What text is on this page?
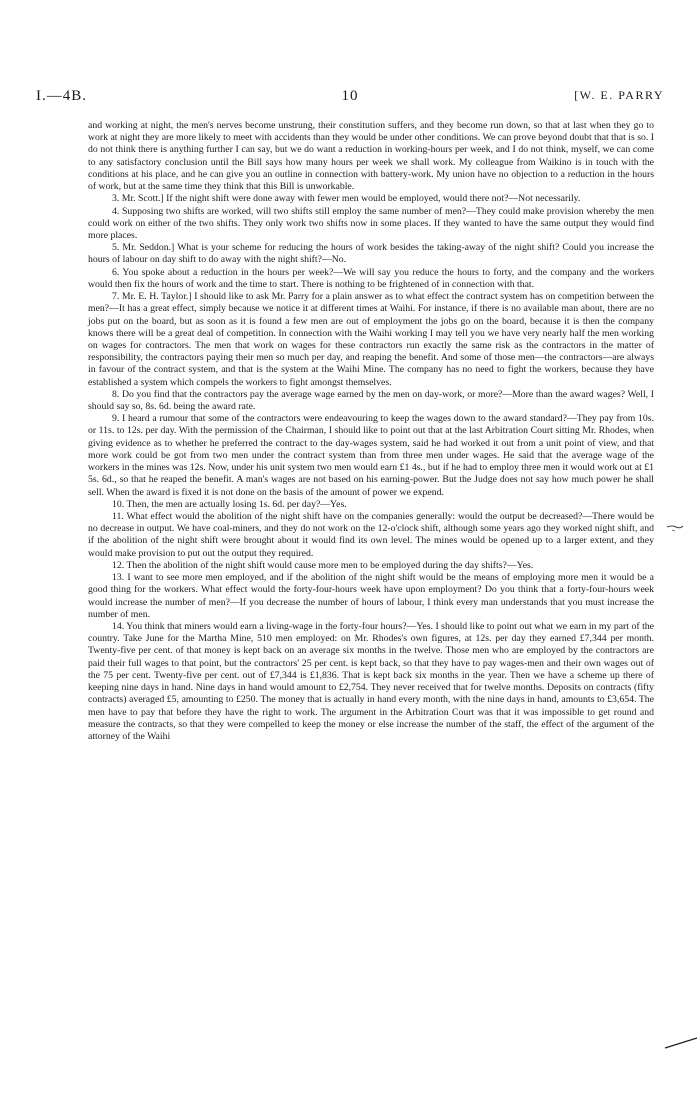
I.—4B.	10	[W. E. PARRY

and working at night, the men's nerves become unstrung, their constitution suffers, and they become run down, so that at last when they go to work at night they are more likely to meet with accidents than they would be under other conditions. We can prove beyond doubt that that is so. I do not think there is anything further I can say, but we do want a reduction in working-hours per week, and I do not think, myself, we can come to any satisfactory conclusion until the Bill says how many hours per week we shall work. My colleague from Waikino is in touch with the conditions at his place, and he can give you an outline in connection with battery-work. My union have no objection to a reduction in the hours of work, but at the same time they think that this Bill is unworkable.

3. Mr. Scott.] If the night shift were done away with fewer men would be employed, would there not?—Not necessarily.

4. Supposing two shifts are worked, will two shifts still employ the same number of men?—They could make provision whereby the men could work on either of the two shifts. They only work two shifts now in some places. If they wanted to have the same output they would find more places.

5. Mr. Seddon.] What is your scheme for reducing the hours of work besides the taking-away of the night shift? Could you increase the hours of labour on day shift to do away with the night shift?—No.

6. You spoke about a reduction in the hours per week?—We will say you reduce the hours to forty, and the company and the workers would then fix the hours of work and the time to start. There is nothing to be frightened of in connection with that.

7. Mr. E. H. Taylor.] I should like to ask Mr. Parry for a plain answer as to what effect the contract system has on competition between the men?—It has a great effect, simply because we notice it at different times at Waihi. For instance, if there is no available man about, there are no jobs put on the board, but as soon as it is found a few men are out of employment the jobs go on the board, because it is then the company knows there will be a great deal of competition. In connection with the Waihi working I may tell you we have very nearly half the men working on wages for contractors. The men that work on wages for these contractors run exactly the same risk as the contractors in the matter of responsibility, the contractors paying their men so much per day, and reaping the benefit. And some of those men—the contractors—are always in favour of the contract system, and that is the system at the Waihi Mine. The company has no need to fight the workers, because they have established a system which compels the workers to fight amongst themselves.

8. Do you find that the contractors pay the average wage earned by the men on day-work, or more?—More than the award wages? Well, I should say so, 8s. 6d. being the award rate.

9. I heard a rumour that some of the contractors were endeavouring to keep the wages down to the award standard?—They pay from 10s. or 11s. to 12s. per day. With the permission of the Chairman, I should like to point out that at the last Arbitration Court sitting Mr. Rhodes, when giving evidence as to whether he preferred the contract to the day-wages system, said he had worked it out from a unit point of view, and that more work could be got from two men under the contract system than from three men under wages. He said that the average wage of the workers in the mines was 12s. Now, under his unit system two men would earn £1 4s., but if he had to employ three men it would work out at £1 5s. 6d., so that he reaped the benefit. A man's wages are not based on his earning-power. But the Judge does not say how much power he shall sell. When the award is fixed it is not done on the basis of the amount of power we expend.

10. Then, the men are actually losing 1s. 6d. per day?—Yes.

11. What effect would the abolition of the night shift have on the companies generally: would the output be decreased?—There would be no decrease in output. We have coal-miners, and they do not work on the 12-o'clock shift, although some years ago they worked night shift, and if the abolition of the night shift were brought about it would find its own level. The mines would be opened up to a larger extent, and they would make provision to put out the output they required.

12. Then the abolition of the night shift would cause more men to be employed during the day shifts?—Yes.

13. I want to see more men employed, and if the abolition of the night shift would be the means of employing more men it would be a good thing for the workers. What effect would the forty-four-hours week have upon employment? Do you think that a forty-four-hours week would increase the number of men?—If you decrease the number of hours of labour, I think every man understands that you must increase the number of men.

14. You think that miners would earn a living-wage in the forty-four hours?—Yes. I should like to point out what we earn in my part of the country. Take June for the Martha Mine, 510 men employed: on Mr. Rhodes's own figures, at 12s. per day they earned £7,344 per month. Twenty-five per cent. of that money is kept back on an average six months in the twelve. Those men who are employed by the contractors are paid their full wages to that point, but the contractors' 25 per cent. is kept back, so that they have to pay wages-men and their own wages out of the 75 per cent. Twenty-five per cent. out of £7,344 is £1,836. That is kept back six months in the year. Then we have a scheme up there of keeping nine days in hand. Nine days in hand would amount to £2,754. They never received that for twelve months. Deposits on contracts (fifty contracts) averaged £5, amounting to £250. The money that is actually in hand every month, with the nine days in hand, amounts to £3,654. The men have to pay that before they have the right to work. The argument in the Arbitration Court was that it was impossible to get round and measure the contracts, so that they were compelled to keep the money or else increase the number of the staff, the effect of the argument of the attorney of the Waihi
